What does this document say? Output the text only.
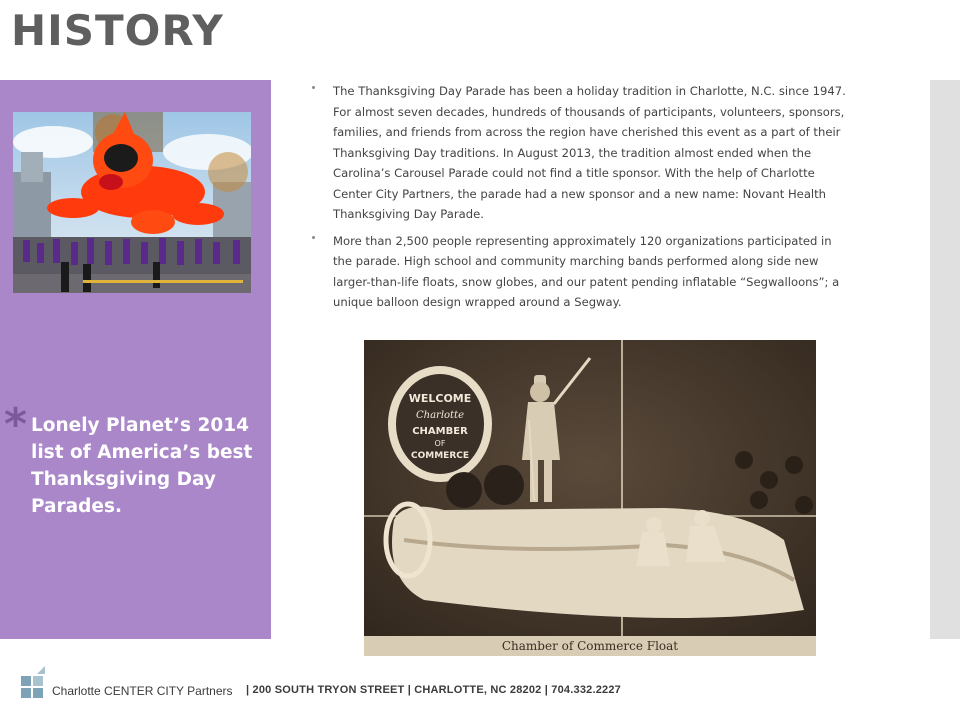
HISTORY
* Lonely Planet’s 2014 list of America’s best Thanksgiving Day Parades.
The Thanksgiving Day Parade has been a holiday tradition in Charlotte, N.C. since 1947. For almost seven decades, hundreds of thousands of participants, volunteers, sponsors, families, and friends from across the region have cherished this event as a part of their Thanksgiving Day traditions. In August 2013, the tradition almost ended when the Carolina’s Carousel Parade could not find a title sponsor. With the help of Charlotte Center City Partners, the parade had a new sponsor and a new name: Novant Health Thanksgiving Day Parade.
More than 2,500 people representing approximately 120 organizations participated in the parade. High school and community marching bands performed along side new larger-than-life floats, snow globes, and our patent pending inflatable “Segwalloons”; a unique balloon design wrapped around a Segway.
WELCOME
Charlotte
CHAMBER
OF
COMMERCE
Chamber of Commerce Float
Charlotte CENTER CITY Partners | 200 SOUTH TRYON STREET | CHARLOTTE, NC 28202 | 704.332.2227
